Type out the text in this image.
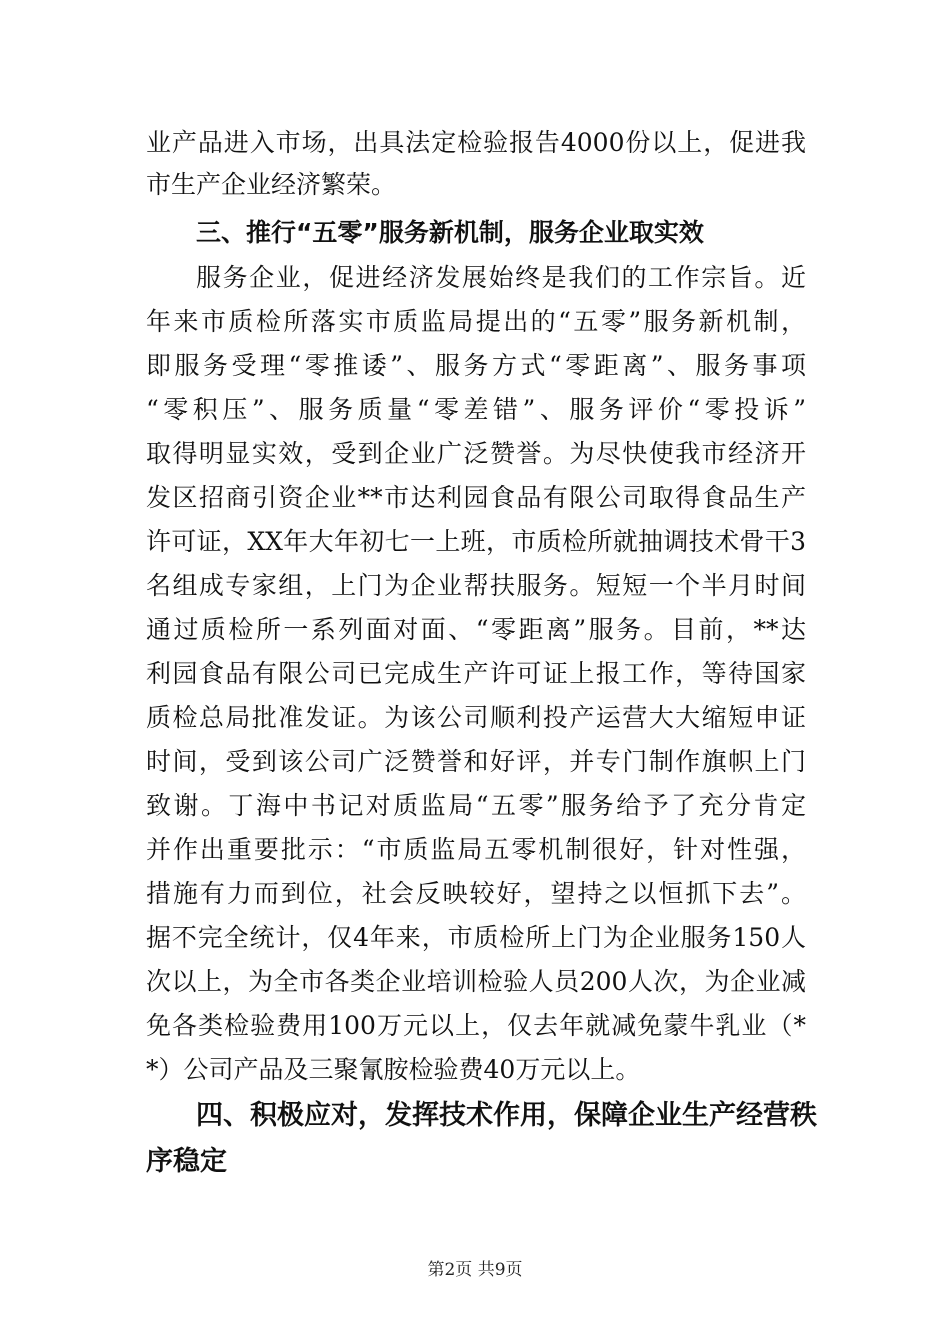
业产品进入市场，出具法定检验报告4000份以上，促进我
市生产企业经济繁荣。
三、推行“五零”服务新机制，服务企业取实效
服务企业，促进经济发展始终是我们的工作宗旨。近
年来市质检所落实市质监局提出的“五零”服务新机制，
即服务受理“零推诿”、服务方式“零距离”、服务事项
“零积压”、服务质量“零差错”、服务评价“零投诉”
取得明显实效，受到企业广泛赞誉。为尽快使我市经济开
发区招商引资企业**市达利园食品有限公司取得食品生产
许可证，XX年大年初七一上班，市质检所就抽调技术骨干3
名组成专家组，上门为企业帮扶服务。短短一个半月时间
通过质检所一系列面对面、“零距离”服务。目前，**达
利园食品有限公司已完成生产许可证上报工作，等待国家
质检总局批准发证。为该公司顺利投产运营大大缩短申证
时间，受到该公司广泛赞誉和好评，并专门制作旗帜上门
致谢。丁海中书记对质监局“五零”服务给予了充分肯定
并作出重要批示：“市质监局五零机制很好，针对性强，
措施有力而到位，社会反映较好，望持之以恒抓下去”。
据不完全统计，仅4年来，市质检所上门为企业服务150人
次以上，为全市各类企业培训检验人员200人次，为企业减
免各类检验费用100万元以上，仅去年就减免蒙牛乳业（*
*）公司产品及三聚氰胺检验费40万元以上。
四、积极应对，发挥技术作用，保障企业生产经营秩
序稳定
第2页 共9页
